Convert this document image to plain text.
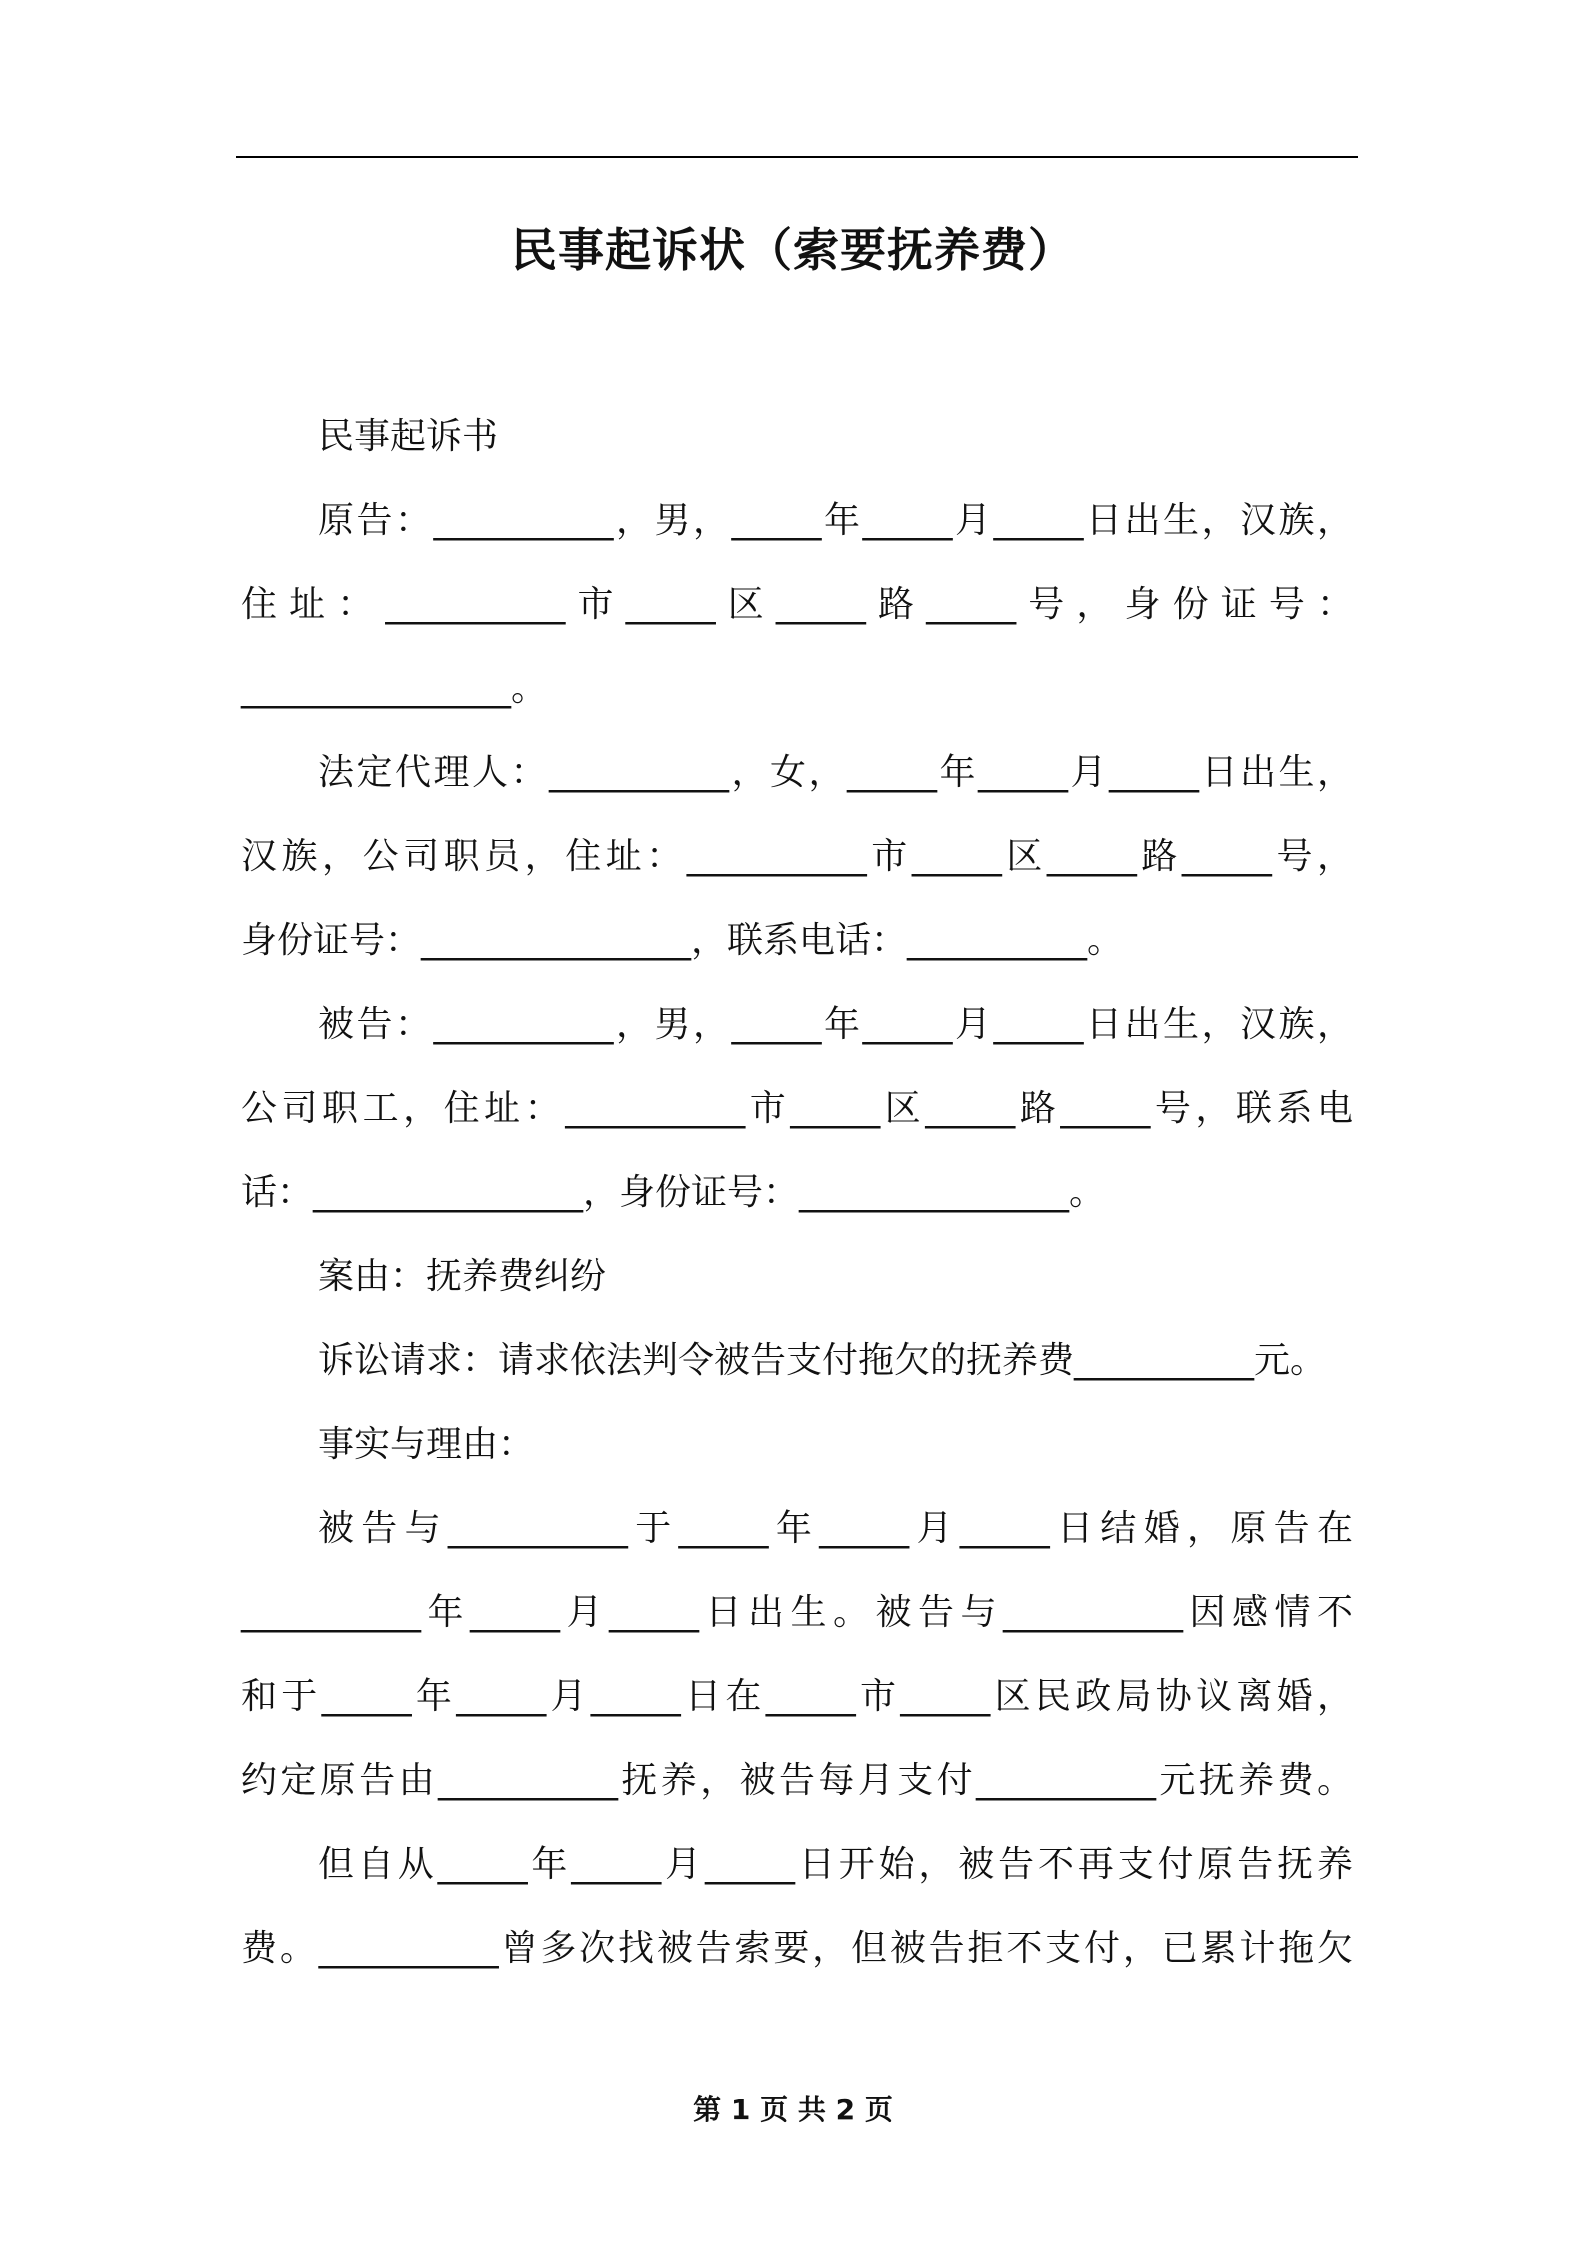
民事起诉状（索要抚养费）
民事起诉书
原告：__________，男，_____年_____月_____日出生，汉族，
住址：__________市_____区_____路_____号，身份证号：
_______________。
法定代理人：__________，女，_____年_____月_____日出生，
汉族，公司职员，住址：__________市_____区_____路_____号，
身份证号：_______________，联系电话：__________。
被告：__________，男，_____年_____月_____日出生，汉族，
公司职工，住址：__________市_____区_____路_____号，联系电
话：_______________，身份证号：_______________。
案由：抚养费纠纷
诉讼请求：请求依法判令被告支付拖欠的抚养费__________元。
事实与理由：
被告与__________于_____年_____月_____日结婚，原告在
__________年_____月_____日出生。被告与__________因感情不
和于_____年_____月_____日在_____市_____区民政局协议离婚，
约定原告由__________抚养，被告每月支付__________元抚养费。
但自从_____年_____月_____日开始，被告不再支付原告抚养
费。__________曾多次找被告索要，但被告拒不支付，已累计拖欠
第 1 页 共 2 页
